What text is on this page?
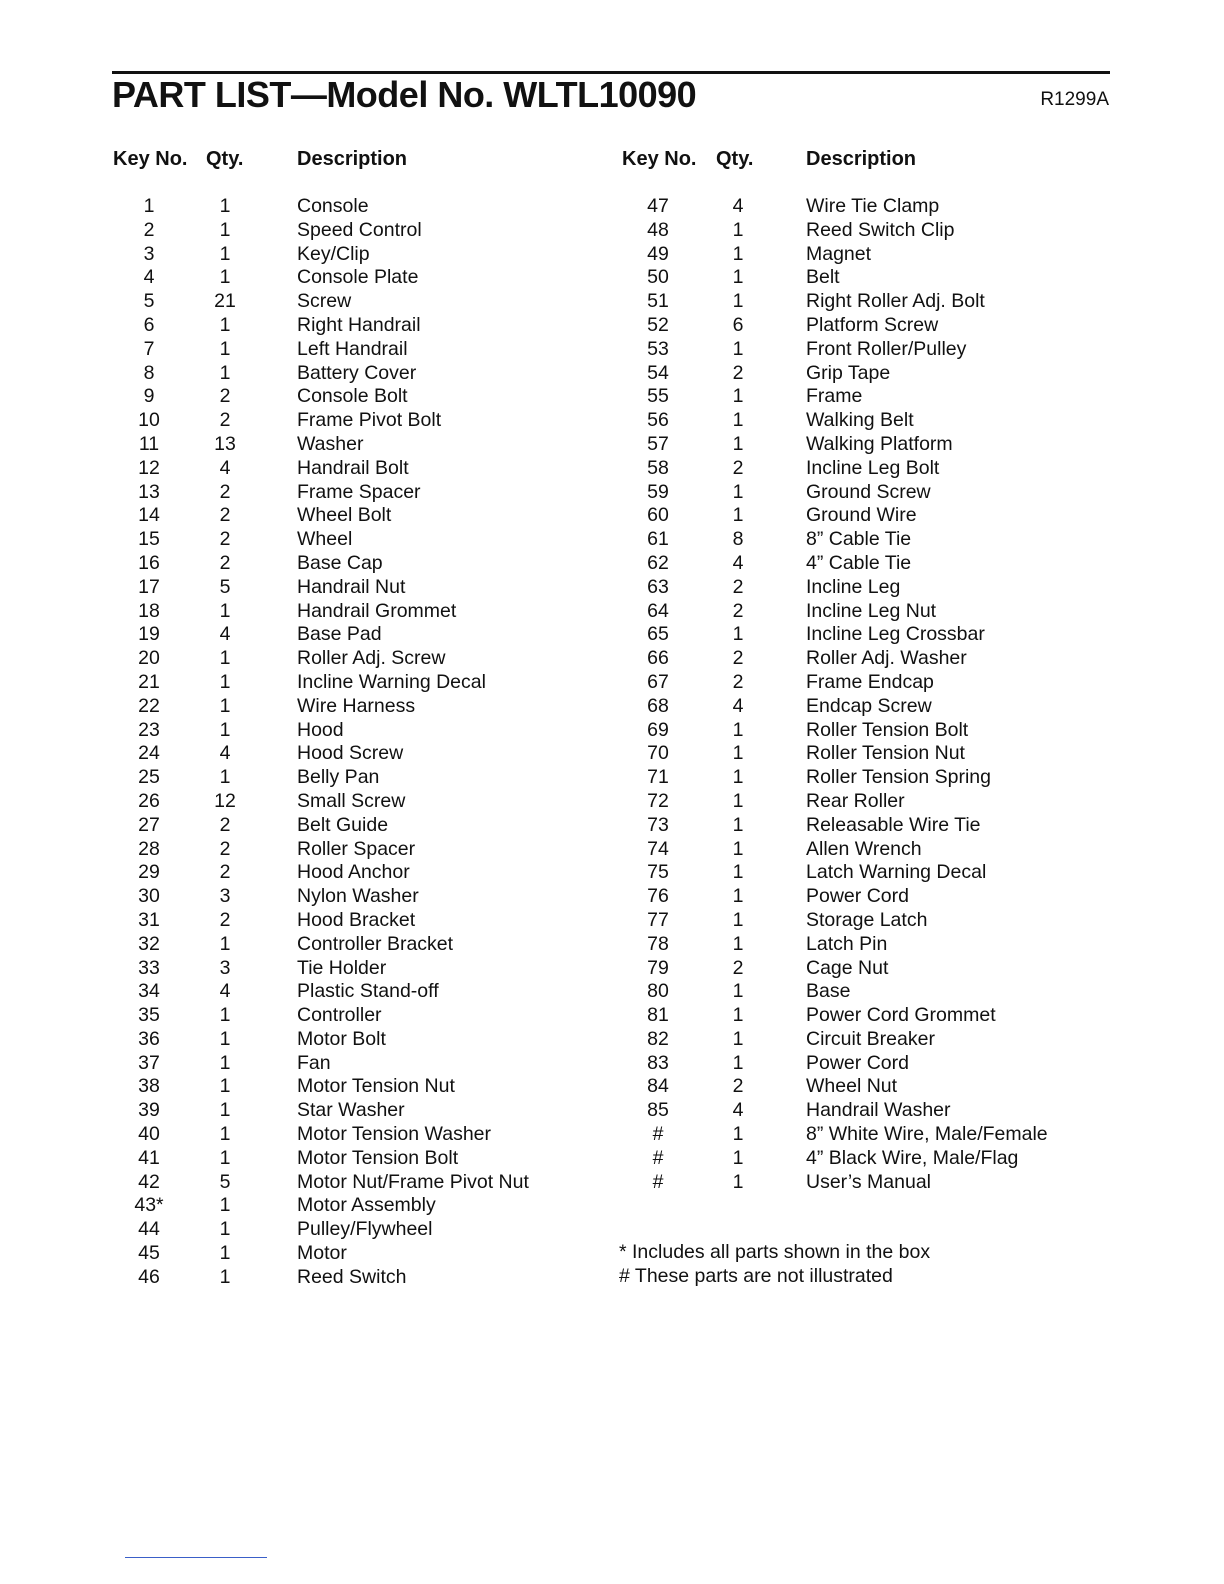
PART LIST—Model No. WLTL10090	R1299A
Key No. Qty.	Description	Key No. Qty.	Description
1	1	Console
2	1	Speed Control
3	1	Key/Clip
4	1	Console Plate
5	21	Screw
6	1	Right Handrail
7	1	Left Handrail
8	1	Battery Cover
9	2	Console Bolt
10	2	Frame Pivot Bolt
11	13	Washer
12	4	Handrail Bolt
13	2	Frame Spacer
14	2	Wheel Bolt
15	2	Wheel
16	2	Base Cap
17	5	Handrail Nut
18	1	Handrail Grommet
19	4	Base Pad
20	1	Roller Adj. Screw
21	1	Incline Warning Decal
22	1	Wire Harness
23	1	Hood
24	4	Hood Screw
25	1	Belly Pan
26	12	Small Screw
27	2	Belt Guide
28	2	Roller Spacer
29	2	Hood Anchor
30	3	Nylon Washer
31	2	Hood Bracket
32	1	Controller Bracket
33	3	Tie Holder
34	4	Plastic Stand-off
35	1	Controller
36	1	Motor Bolt
37	1	Fan
38	1	Motor Tension Nut
39	1	Star Washer
40	1	Motor Tension Washer
41	1	Motor Tension Bolt
42	5	Motor Nut/Frame Pivot Nut
43*	1	Motor Assembly
44	1	Pulley/Flywheel
45	1	Motor
46	1	Reed Switch
47	4	Wire Tie Clamp
48	1	Reed Switch Clip
49	1	Magnet
50	1	Belt
51	1	Right Roller Adj. Bolt
52	6	Platform Screw
53	1	Front Roller/Pulley
54	2	Grip Tape
55	1	Frame
56	1	Walking Belt
57	1	Walking Platform
58	2	Incline Leg Bolt
59	1	Ground Screw
60	1	Ground Wire
61	8	8” Cable Tie
62	4	4” Cable Tie
63	2	Incline Leg
64	2	Incline Leg Nut
65	1	Incline Leg Crossbar
66	2	Roller Adj. Washer
67	2	Frame Endcap
68	4	Endcap Screw
69	1	Roller Tension Bolt
70	1	Roller Tension Nut
71	1	Roller Tension Spring
72	1	Rear Roller
73	1	Releasable Wire Tie
74	1	Allen Wrench
75	1	Latch Warning Decal
76	1	Power Cord
77	1	Storage Latch
78	1	Latch Pin
79	2	Cage Nut
80	1	Base
81	1	Power Cord Grommet
82	1	Circuit Breaker
83	1	Power Cord
84	2	Wheel Nut
85	4	Handrail Washer
#	1	8” White Wire, Male/Female
#	1	4” Black Wire, Male/Flag
#	1	User’s Manual
* Includes all parts shown in the box
# These parts are not illustrated
